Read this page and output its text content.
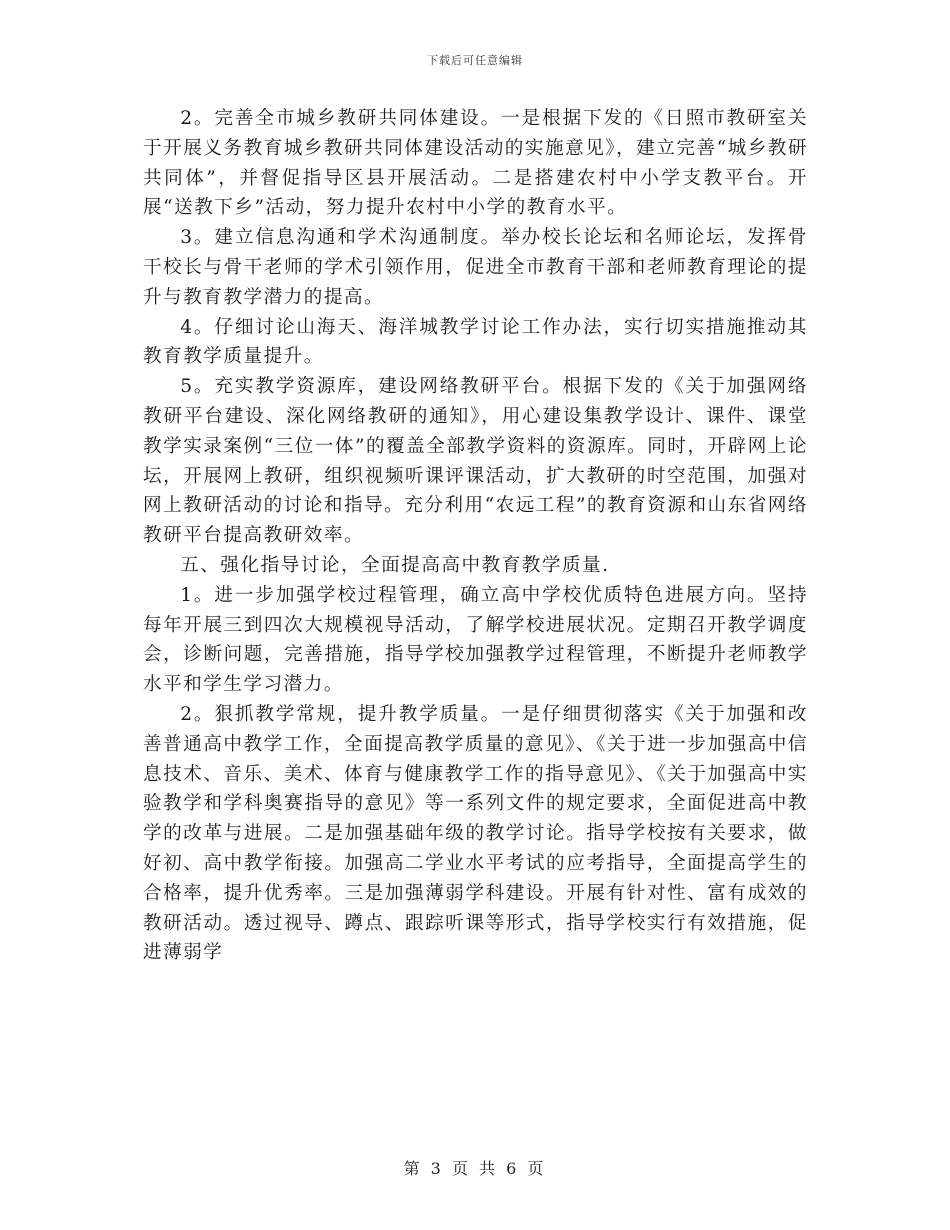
下载后可任意编辑

2。完善全市城乡教研共同体建设。一是根据下发的《日照市教研室关于开展义务教育城乡教研共同体建设活动的实施意见》，建立完善“城乡教研共同体”，并督促指导区县开展活动。二是搭建农村中小学支教平台。开展“送教下乡”活动，努力提升农村中小学的教育水平。

3。建立信息沟通和学术沟通制度。举办校长论坛和名师论坛，发挥骨干校长与骨干老师的学术引领作用，促进全市教育干部和老师教育理论的提升与教育教学潜力的提高。

4。仔细讨论山海天、海洋城教学讨论工作办法，实行切实措施推动其教育教学质量提升。

5。充实教学资源库，建设网络教研平台。根据下发的《关于加强网络教研平台建设、深化网络教研的通知》，用心建设集教学设计、课件、课堂教学实录案例“三位一体”的覆盖全部教学资料的资源库。同时，开辟网上论坛，开展网上教研，组织视频听课评课活动，扩大教研的时空范围，加强对网上教研活动的讨论和指导。充分利用“农远工程”的教育资源和山东省网络教研平台提高教研效率。

五、强化指导讨论，全面提高高中教育教学质量.

1。进一步加强学校过程管理，确立高中学校优质特色进展方向。坚持每年开展三到四次大规模视导活动，了解学校进展状况。定期召开教学调度会，诊断问题，完善措施，指导学校加强教学过程管理，不断提升老师教学水平和学生学习潜力。

2。狠抓教学常规，提升教学质量。一是仔细贯彻落实《关于加强和改善普通高中教学工作，全面提高教学质量的意见》、《关于进一步加强高中信息技术、音乐、美术、体育与健康教学工作的指导意见》、《关于加强高中实验教学和学科奥赛指导的意见》等一系列文件的规定要求，全面促进高中教学的改革与进展。二是加强基础年级的教学讨论。指导学校按有关要求，做好初、高中教学衔接。加强高二学业水平考试的应考指导，全面提高学生的合格率，提升优秀率。三是加强薄弱学科建设。开展有针对性、富有成效的教研活动。透过视导、蹲点、跟踪听课等形式，指导学校实行有效措施，促进薄弱学

第 3 页 共 6 页
